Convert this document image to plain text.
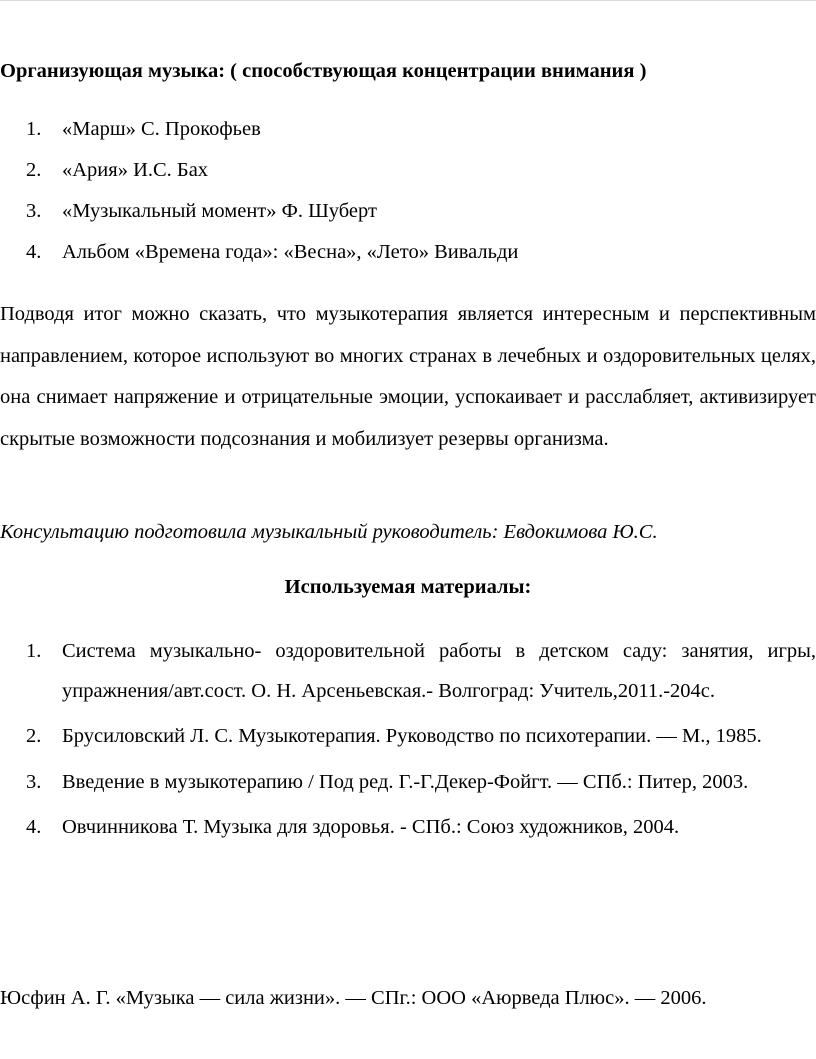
Организующая музыка: ( способствующая концентрации внимания )
1. «Марш» С. Прокофьев
2. «Ария» И.С. Бах
3. «Музыкальный момент» Ф. Шуберт
4. Альбом «Времена года»: «Весна», «Лето» Вивальди

Подводя итог можно сказать, что музыкотерапия является интересным и перспективным направлением, которое используют во многих странах в лечебных и оздоровительных целях, она снимает напряжение и отрицательные эмоции, успокаивает и расслабляет, активизирует скрытые возможности подсознания и мобилизует резервы организма.

Консультацию подготовила музыкальный руководитель: Евдокимова Ю.С.
Используемая материалы:
1. Система музыкально- оздоровительной работы в детском саду: занятия, игры, упражнения/авт.сост. О. Н. Арсеньевская.- Волгоград: Учитель,2011.-204с.
2. Брусиловский Л. С. Музыкотерапия. Руководство по психотерапии. — М., 1985.
3. Введение в музыкотерапию / Под ред. Г.-Г.Декер-Фойгт. — СПб.: Питер, 2003.
4. Овчинникова Т. Музыка для здоровья. - СПб.: Союз художников, 2004.

Юсфин А. Г. «Музыка — сила жизни». — СПг.: ООО «Аюрведа Плюс». — 2006.
